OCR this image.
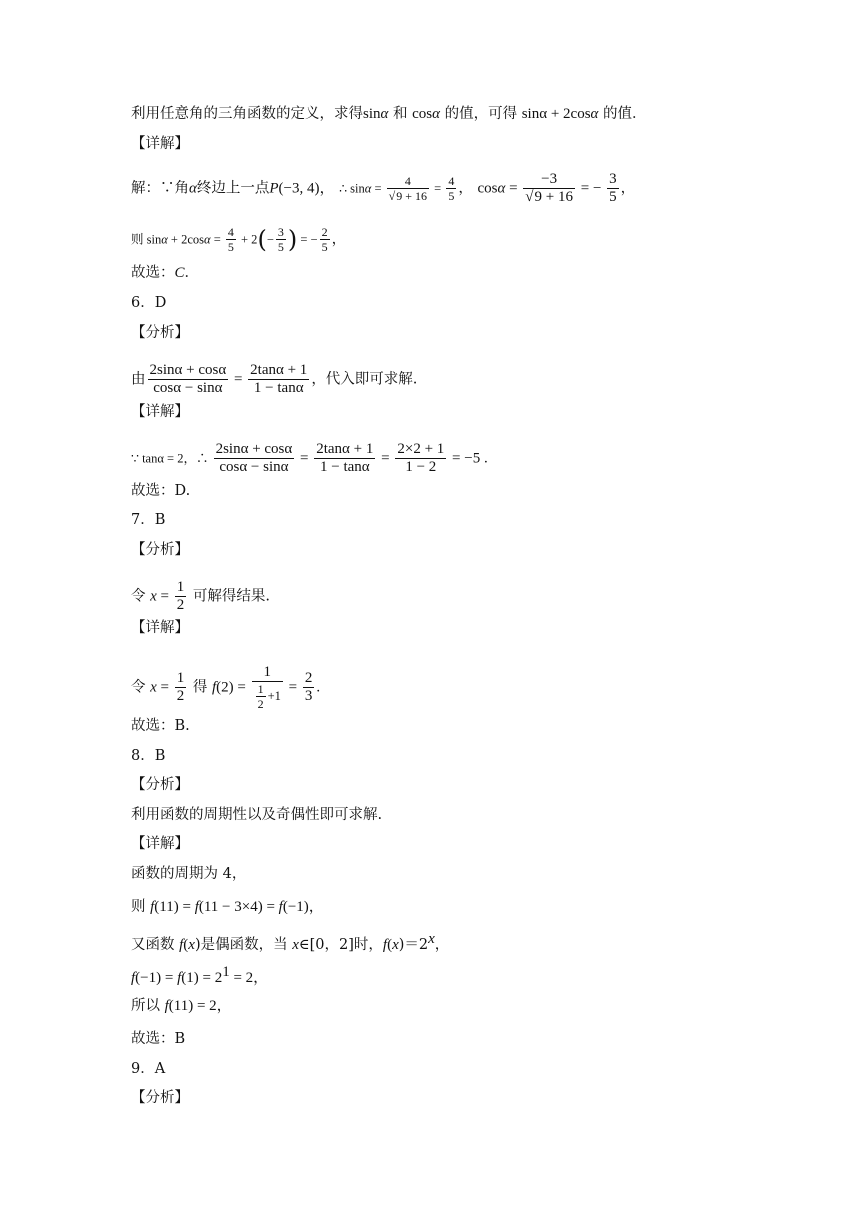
利用任意角的三角函数的定义，求得sinα 和 cosα 的值，可得 sinα + 2cosα 的值．
【详解】
解：∵角α终边上一点P(−3, 4)， ∴ $\sin\alpha = \frac{4}{√9 + 16} = \frac{4}{5}$ ， $\cos\alpha = \frac{-3}{√9 + 16}$ = − $\frac{3}{5}$ ，
则 $\sin\alpha + 2\cos\alpha = \frac{4}{5} + 2(- \frac{3}{5}$ ) = − $\frac{2}{5}$ ，
故选：C．
6．D
【分析】
由 $\frac{2\sin\alpha + \cos\alpha}{\cos\alpha - \sin\alpha} = \frac{2\tan\alpha + 1}{1 - \tan\alpha}$ ，代入即可求解.
【详解】
∵ tanα = 2，∴ $\frac{2\sin\alpha + \cos\alpha}{\cos\alpha - \sin\alpha} = \frac{2\tan\alpha + 1}{1 - \tan\alpha} = \frac{2\times 2 + 1}{1 - 2} = -5$ .
故选：D.
7．B
【分析】
令 $x = \frac{1}{2}$ 可解得结果.
【详解】
令 $x = \frac{1}{2}$ 得 $f(2) = \frac{1}{\frac{1}{2} +1} = \frac{2}{3}$ .
故选：B.
8．B
【分析】
利用函数的周期性以及奇偶性即可求解.
【详解】
函数的周期为 4，
则 f(11) = f(11 − 3×4) = f(−1)，
又函数 f(x)是偶函数，当 x∈[0，2]时，$f(x)=2^x$，
$f(-1) = f(1) = 2^1 = 2$，
所以 f(11) = 2，
故选：B
9．A
【分析】
